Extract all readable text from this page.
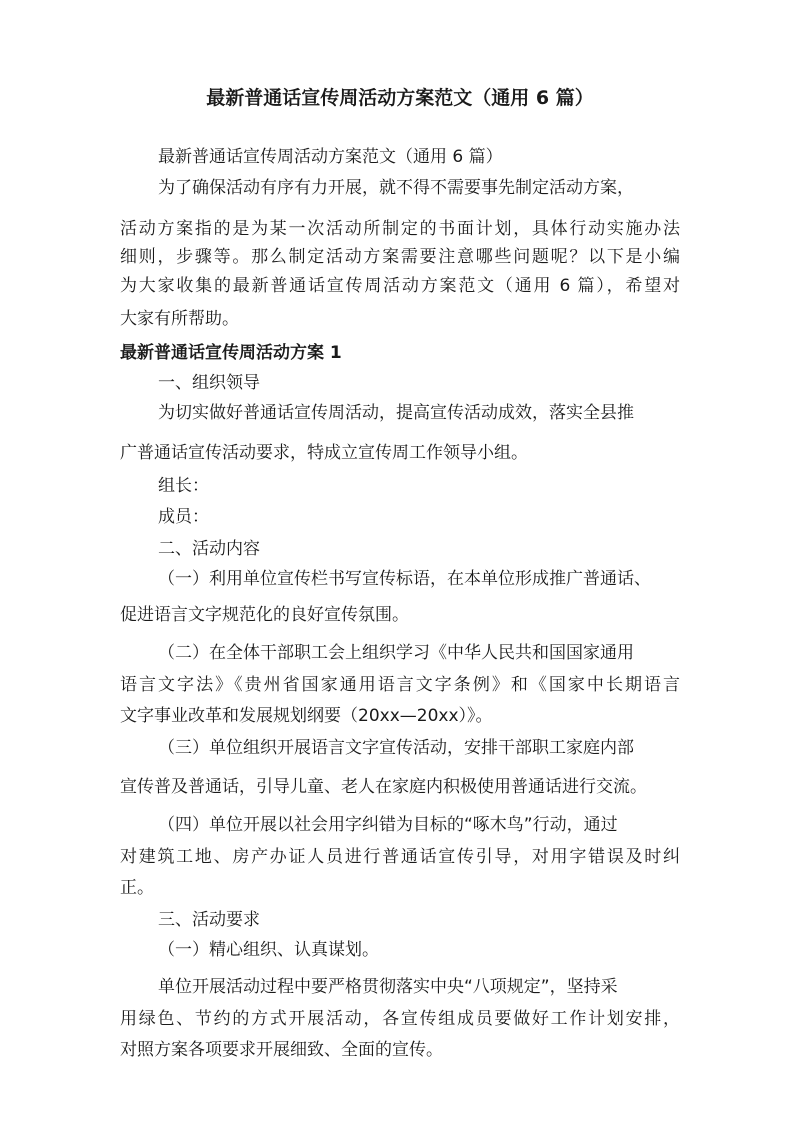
最新普通话宣传周活动方案范文（通用 6 篇）
最新普通话宣传周活动方案范文（通用 6 篇）
为了确保活动有序有力开展，就不得不需要事先制定活动方案，
活动方案指的是为某一次活动所制定的书面计划，具体行动实施办法
细则，步骤等。那么制定活动方案需要注意哪些问题呢？以下是小编
为大家收集的最新普通话宣传周活动方案范文（通用 6 篇），希望对
大家有所帮助。
最新普通话宣传周活动方案 1
一、组织领导
为切实做好普通话宣传周活动，提高宣传活动成效，落实全县推
广普通话宣传活动要求，特成立宣传周工作领导小组。
组长：
成员：
二、活动内容
（一）利用单位宣传栏书写宣传标语，在本单位形成推广普通话、
促进语言文字规范化的良好宣传氛围。
（二）在全体干部职工会上组织学习《中华人民共和国国家通用
语言文字法》《贵州省国家通用语言文字条例》和《国家中长期语言
文字事业改革和发展规划纲要（20xx—20xx）》。
（三）单位组织开展语言文字宣传活动，安排干部职工家庭内部
宣传普及普通话，引导儿童、老人在家庭内积极使用普通话进行交流。
（四）单位开展以社会用字纠错为目标的“啄木鸟”行动，通过
对建筑工地、房产办证人员进行普通话宣传引导，对用字错误及时纠
正。
三、活动要求
（一）精心组织、认真谋划。
单位开展活动过程中要严格贯彻落实中央“八项规定”，坚持采
用绿色、节约的方式开展活动，各宣传组成员要做好工作计划安排，
对照方案各项要求开展细致、全面的宣传。
